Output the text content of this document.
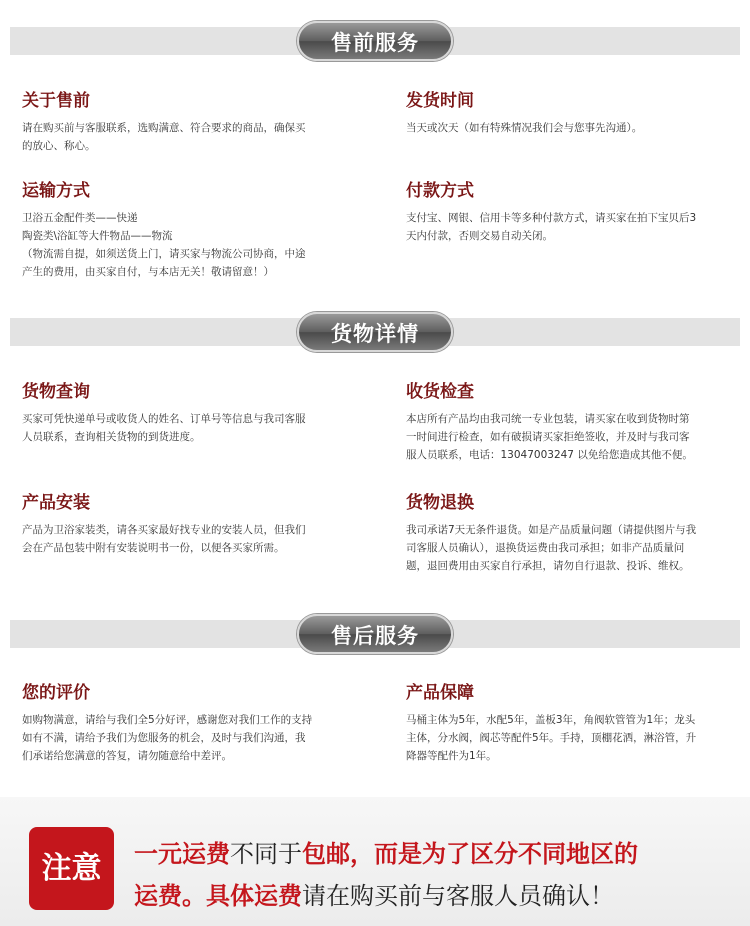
售前服务
关于售前
请在购买前与客服联系，选购满意、符合要求的商品，确保买
的放心、称心。
发货时间
当天或次天（如有特殊情况我们会与您事先沟通）。
运输方式
卫浴五金配件类——快递
陶瓷类\浴缸等大件物品——物流
（物流需自提，如须送货上门，请买家与物流公司协商，中途
产生的费用，由买家自付，与本店无关！敬请留意！）
付款方式
支付宝、网银、信用卡等多种付款方式，请买家在拍下宝贝后3
天内付款，否则交易自动关闭。
货物详情
货物查询
买家可凭快递单号或收货人的姓名、订单号等信息与我司客服
人员联系，查询相关货物的到货进度。
收货检查
本店所有产品均由我司统一专业包装，请买家在收到货物时第
一时间进行检查，如有破损请买家拒绝签收，并及时与我司客
服人员联系，电话：13047003247 以免给您造成其他不便。
产品安装
产品为卫浴家装类，请各买家最好找专业的安装人员，但我们
会在产品包装中附有安装说明书一份，以便各买家所需。
货物退换
我司承诺7天无条件退货。如是产品质量问题（请提供图片与我
司客服人员确认），退换货运费由我司承担；如非产品质量问
题，退回费用由买家自行承担，请勿自行退款、投诉、维权。
售后服务
您的评价
如购物满意，请给与我们全5分好评，感谢您对我们工作的支持
如有不满，请给予我们为您服务的机会，及时与我们沟通，我
们承诺给您满意的答复，请勿随意给中差评。
产品保障
马桶主体为5年，水配5年，盖板3年，角阀软管管为1年；龙头
主体，分水阀，阀芯等配件5年。手持，顶棚花洒，淋浴管，升
降器等配件为1年。
注意	一元运费不同于包邮，而是为了区分不同地区的
运费。具体运费请在购买前与客服人员确认！
